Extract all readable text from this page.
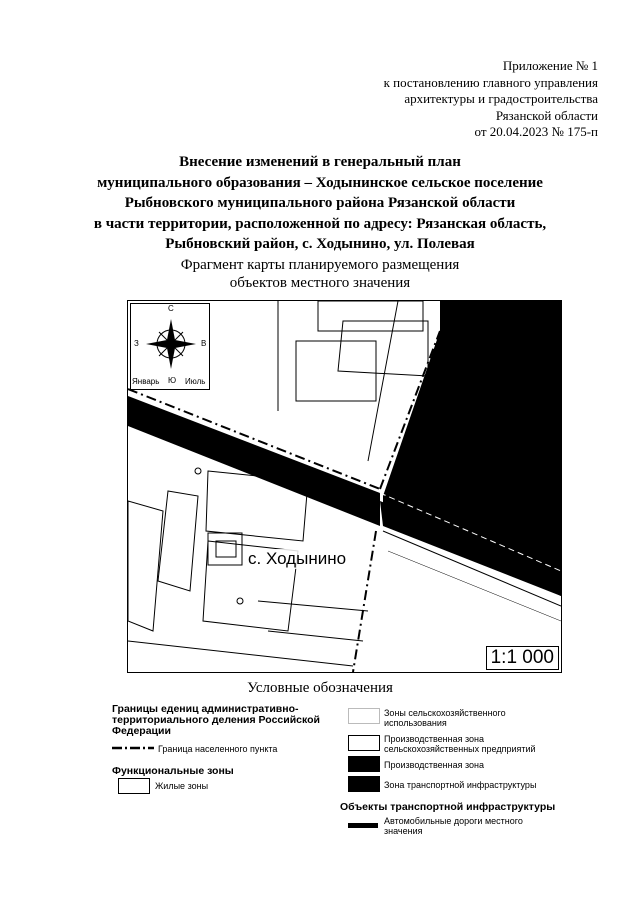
Приложение № 1
к постановлению главного управления
архитектуры и градостроительства
Рязанской области
от 20.04.2023 № 175-п
Внесение изменений в генеральный план
муниципального образования – Ходынинское сельское поселение
Рыбновского муниципального района Рязанской области
в части территории, расположенной по адресу: Рязанская область,
Рыбновский район, с. Ходынино, ул. Полевая
Фрагмент карты планируемого размещения
объектов местного значения
С
Ю
З	В
Январь	Июль
с. Ходынино
1:1 000
Условные обозначения
Границы едениц административно-территориального деления Российской Федерации
Граница населенного пункта
Функциональные зоны
Жилые зоны
Зоны сельскохозяйственного использования
Производственная зона сельскохозяйственных предприятий
Производственная зона
Зона транспортной инфраструктуры
Объекты транспортной инфраструктуры
Автомобильные дороги местного значения
